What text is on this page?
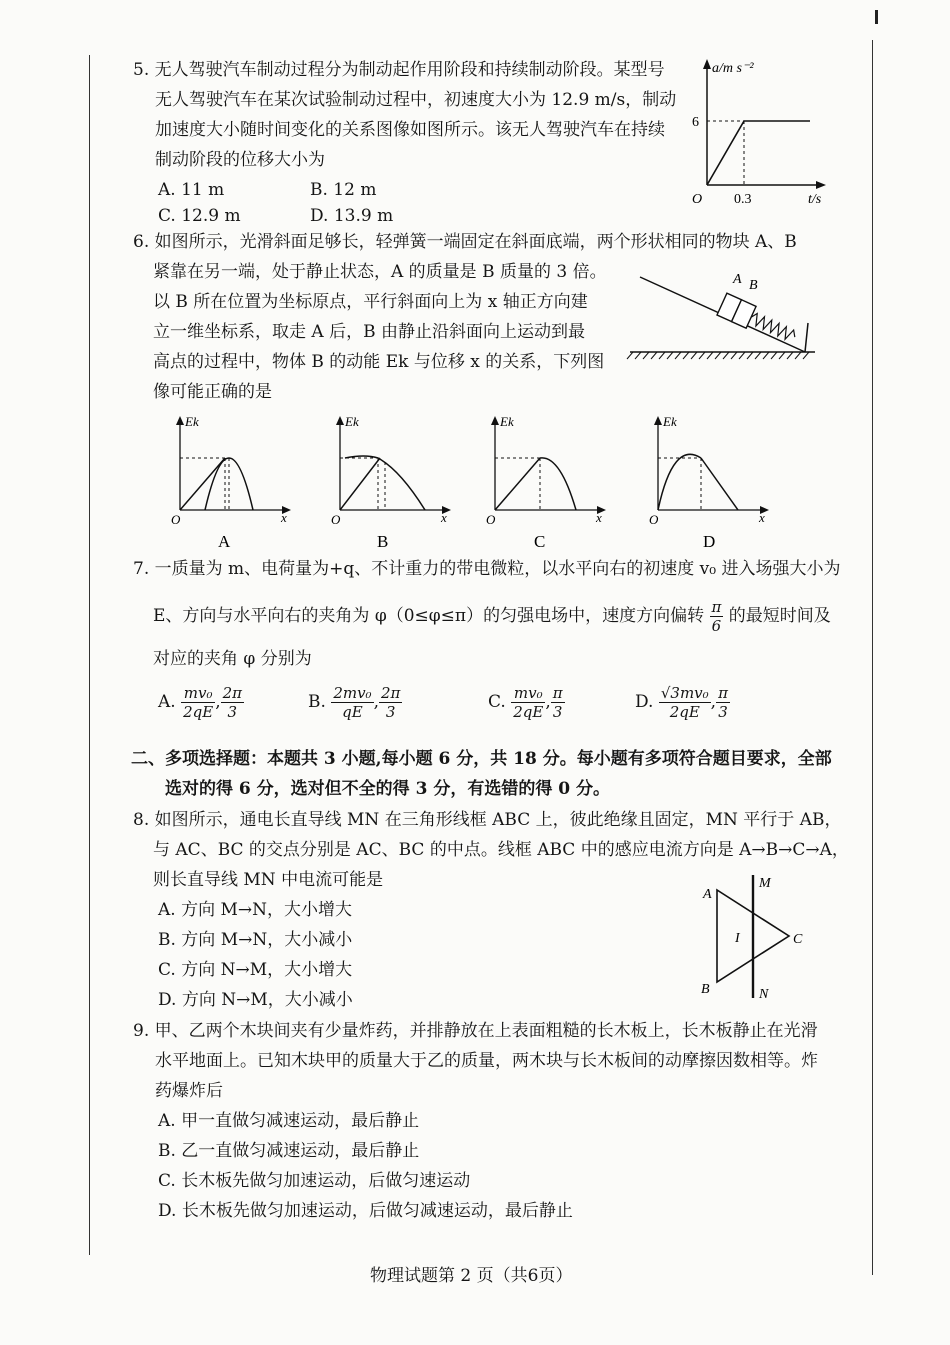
5. 无人驾驶汽车制动过程分为制动起作用阶段和持续制动阶段。某型号
无人驾驶汽车在某次试验制动过程中，初速度大小为 12.9 m/s，制动
加速度大小随时间变化的关系图像如图所示。该无人驾驶汽车在持续
制动阶段的位移大小为
A. 11 m	B. 12 m
C. 12.9 m	D. 13.9 m
a/m s⁻²
t/s
O
6
0.3
6. 如图所示，光滑斜面足够长，轻弹簧一端固定在斜面底端，两个形状相同的物块 A、B
紧靠在另一端，处于静止状态，A 的质量是 B 质量的 3 倍。
以 B 所在位置为坐标原点，平行斜面向上为 x 轴正方向建
立一维坐标系，取走 A 后，B 由静止沿斜面向上运动到最
高点的过程中，物体 B 的动能 Ek 与位移 x 的关系，下列图
像可能正确的是
A B
Ek
x
O
A
Ek
x
O
B
Ek
x
O
C
Ek
x
O
D
7. 一质量为 m、电荷量为+q、不计重力的带电微粒，以水平向右的初速度 v₀ 进入场强大小为
E、方向与水平向右的夹角为 φ（0≤φ≤π）的匀强电场中，速度方向偏转 $\frac{\pi}{6}$ 的最短时间及
对应的夹角 φ 分别为
A. $\frac{\text{mv₀}}{2qE}$ , $\frac{2\pi}{3}$	B. $\frac{\text{2mv₀}}{qE}$ , $\frac{2\pi}{3}$	C. $\frac{\text{mv₀}}{2qE}$ , $\frac{\pi}{3}$	D. $\frac{\text{√3mv₀}}{2qE}$ , $\frac{\pi}{3}$
二、多项选择题：本题共 3 小题,每小题 6 分，共 18 分。每小题有多项符合题目要求，全部
选对的得 6 分，选对但不全的得 3 分，有选错的得 0 分。
8. 如图所示，通电长直导线 MN 在三角形线框 ABC 上，彼此绝缘且固定，MN 平行于 AB，
与 AC、BC 的交点分别是 AC、BC 的中点。线框 ABC 中的感应电流方向是 A→B→C→A，
则长直导线 MN 中电流可能是
A. 方向 M→N，大小增大
B. 方向 M→N，大小减小
C. 方向 N→M，大小增大
D. 方向 N→M，大小减小
A
B
C
M
N
I
9. 甲、乙两个木块间夹有少量炸药，并排静放在上表面粗糙的长木板上，长木板静止在光滑
水平地面上。已知木块甲的质量大于乙的质量，两木块与长木板间的动摩擦因数相等。炸
药爆炸后
A. 甲一直做匀减速运动，最后静止
B. 乙一直做匀减速运动，最后静止
C. 长木板先做匀加速运动，后做匀速运动
D. 长木板先做匀加速运动，后做匀减速运动，最后静止
物理试题第 2 页（共6页）
